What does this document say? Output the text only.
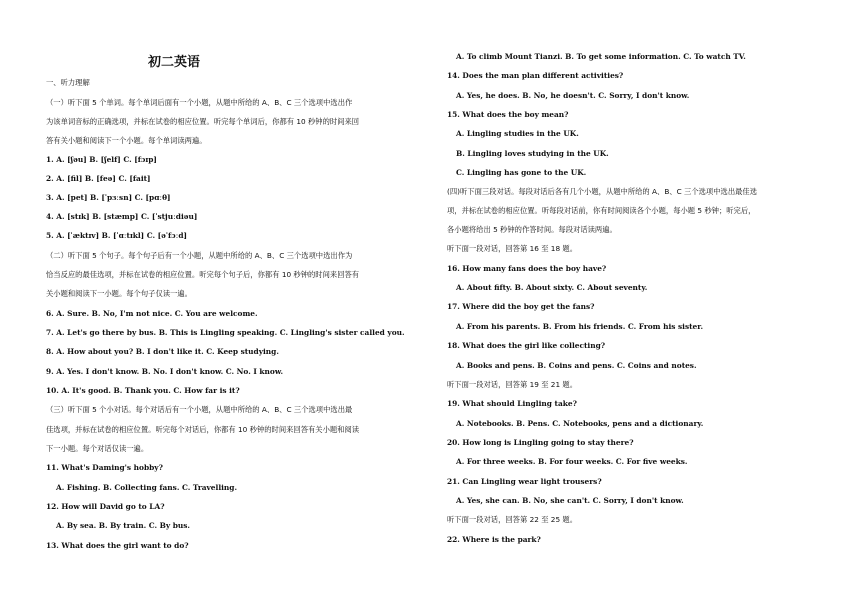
初二英语
一、听力理解
（一）听下面 5 个单词。每个单词后面有一个小题，从题中所给的 A、B、C 三个选项中选出作
为该单词音标的正确选项，并标在试卷的相应位置。听完每个单词后，你都有 10 秒钟的时间来回
答有关小题和阅读下一个小题。每个单词读两遍。
1. A. [ʃəu] B. [ʃelf] C. [fɔɪp]
2. A. [fil] B. [feə] C. [fait]
3. A. [pet] B. [ˈpɜːsn] C. [pɑːθ]
4. A. [stɪk] B. [stæmp] C. [ˈstjuːdiəu]
5. A. [ˈæktɪv] B. [ˈɑːtɪkl] C. [əˈfɔːd]
（二）听下面 5 个句子。每个句子后有一个小题，从题中所给的 A、B、C 三个选项中选出作为
恰当反应的最佳选项，并标在试卷的相应位置。听完每个句子后，你都有 10 秒钟的时间来回答有
关小题和阅读下一小题。每个句子仅读一遍。
6. A. Sure. B. No, I'm not nice. C. You are welcome.
7. A. Let's go there by bus. B. This is Lingling speaking. C. Lingling's sister called you.
8. A. How about you? B. I don't like it. C. Keep studying.
9. A. Yes. I don't know. B. No. I don't know. C. No. I know.
10. A. It's good. B. Thank you. C. How far is it?
（三）听下面 5 个小对话。每个对话后有一个小题，从题中所给的 A、B、C 三个选项中选出最
佳选项，并标在试卷的相应位置。听完每个对话后，你都有 10 秒钟的时间来回答有关小题和阅读
下一小题。每个对话仅读一遍。
11. What's Daming's hobby?
A. Fishing. B. Collecting fans. C. Travelling.
12. How will David go to LA?
A. By sea. B. By train. C. By bus.
13. What does the girl want to do?
A. To climb Mount Tianzi. B. To get some information. C. To watch TV.
14. Does the man plan different activities?
A. Yes, he does. B. No, he doesn't. C. Sorry, I don't know.
15. What does the boy mean?
A. Lingling studies in the UK.
B. Lingling loves studying in the UK.
C. Lingling has gone to the UK.
(四)听下面三段对话。每段对话后各有几个小题，从题中所给的 A、B、C 三个选项中选出最佳选
项，并标在试卷的相应位置。听每段对话前，你有时间阅读各个小题，每小题 5 秒钟；听完后，
各小题将给出 5 秒钟的作答时间。每段对话读两遍。
听下面一段对话，回答第 16 至 18 题。
16. How many fans does the boy have?
A. About fifty. B. About sixty. C. About seventy.
17. Where did the boy get the fans?
A. From his parents. B. From his friends. C. From his sister.
18. What does the girl like collecting?
A. Books and pens. B. Coins and pens. C. Coins and notes.
听下面一段对话，回答第 19 至 21 题。
19. What should Lingling take?
A. Notebooks. B. Pens. C. Notebooks, pens and a dictionary.
20. How long is Lingling going to stay there?
A. For three weeks. B. For four weeks. C. For five weeks.
21. Can Lingling wear light trousers?
A. Yes, she can. B. No, she can't. C. Sorry, I don't know.
听下面一段对话，回答第 22 至 25 题。
22. Where is the park?
